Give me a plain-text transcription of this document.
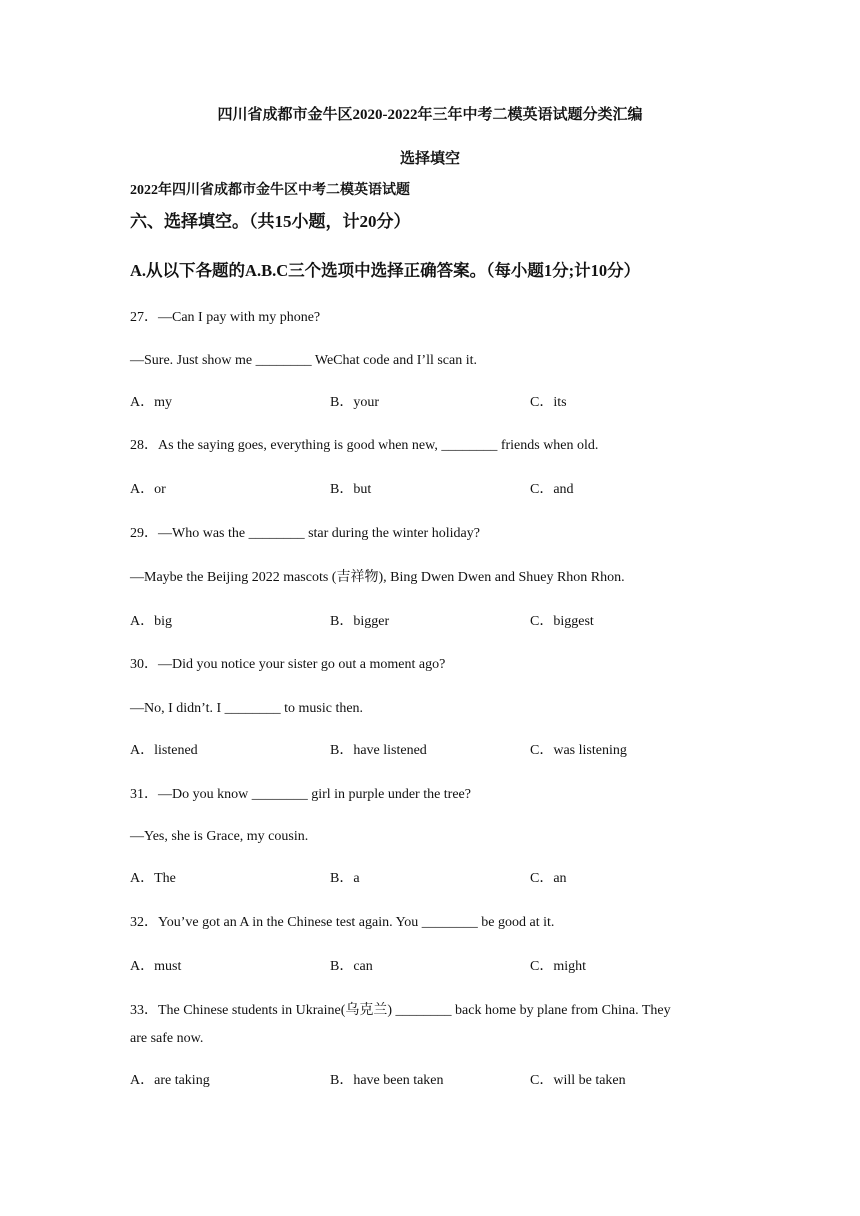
四川省成都市金牛区2020-2022年三年中考二模英语试题分类汇编
选择填空
2022年四川省成都市金牛区中考二模英语试题
六、选择填空。（共15小题，计20分）
A.从以下各题的A.B.C三个选项中选择正确答案。（每小题1分;计10分）
27．—Can I pay with my phone?
—Sure. Just show me ________ WeChat code and I’ll scan it.
A．my	B．your	C．its
28．As the saying goes, everything is good when new, ________ friends when old.
A．or	B．but	C．and
29．—Who was the ________ star during the winter holiday?
—Maybe the Beijing 2022 mascots (吉祥物), Bing Dwen Dwen and Shuey Rhon Rhon.
A．big	B．bigger	C．biggest
30．—Did you notice your sister go out a moment ago?
—No, I didn’t. I ________ to music then.
A．listened	B．have listened	C．was listening
31．—Do you know ________ girl in purple under the tree?
—Yes, she is Grace, my cousin.
A．The	B．a	C．an
32．You’ve got an A in the Chinese test again. You ________ be good at it.
A．must	B．can	C．might
33．The Chinese students in Ukraine(乌克兰) ________ back home by plane from China. They
are safe now.
A．are taking	B．have been taken	C．will be taken
